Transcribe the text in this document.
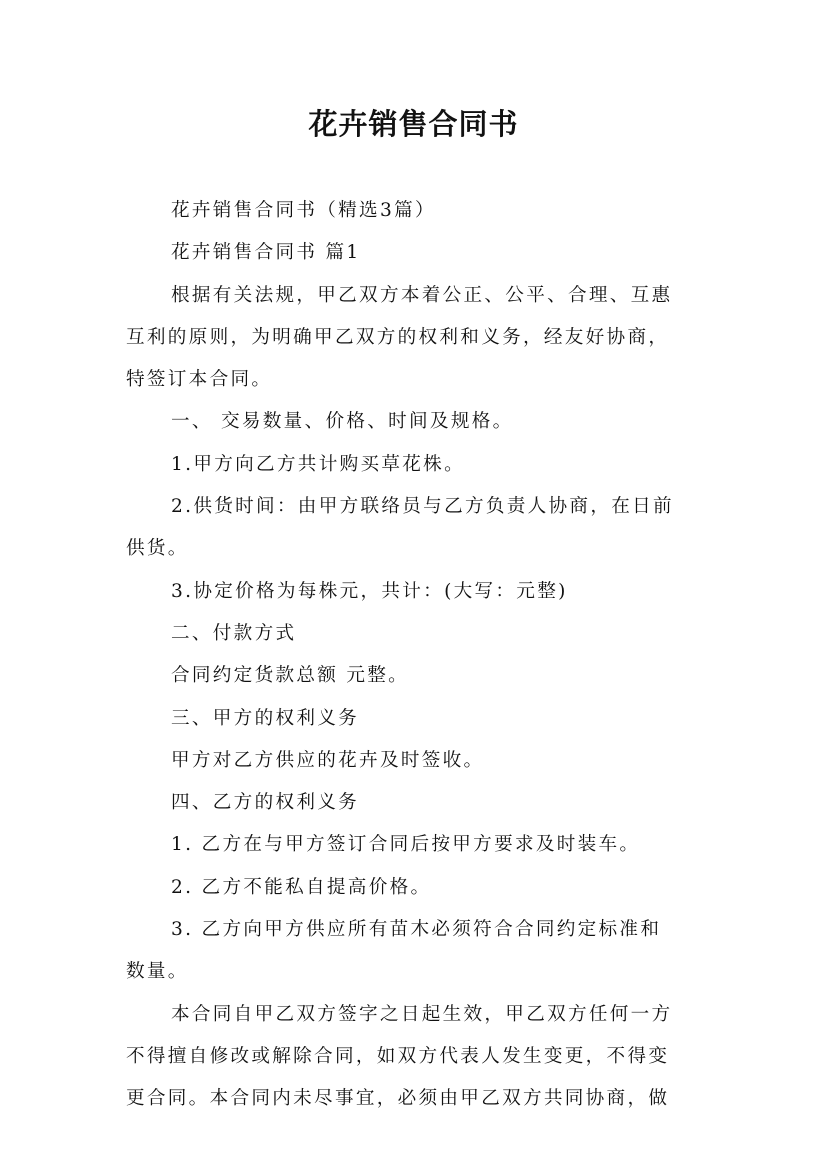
花卉销售合同书

花卉销售合同书（精选3篇）

花卉销售合同书 篇1

根据有关法规，甲乙双方本着公正、公平、合理、互惠

互利的原则，为明确甲乙双方的权利和义务，经友好协商，

特签订本合同。

一、 交易数量、价格、时间及规格。

1.甲方向乙方共计购买草花株。

2.供货时间：由甲方联络员与乙方负责人协商，在日前

供货。

3.协定价格为每株元，共计：(大写：元整)

二、付款方式

合同约定货款总额 元整。

三、甲方的权利义务

甲方对乙方供应的花卉及时签收。

四、乙方的权利义务

1. 乙方在与甲方签订合同后按甲方要求及时装车。

2. 乙方不能私自提高价格。

3. 乙方向甲方供应所有苗木必须符合合同约定标准和

数量。

本合同自甲乙双方签字之日起生效，甲乙双方任何一方

不得擅自修改或解除合同，如双方代表人发生变更，不得变

更合同。本合同内未尽事宜，必须由甲乙双方共同协商，做
